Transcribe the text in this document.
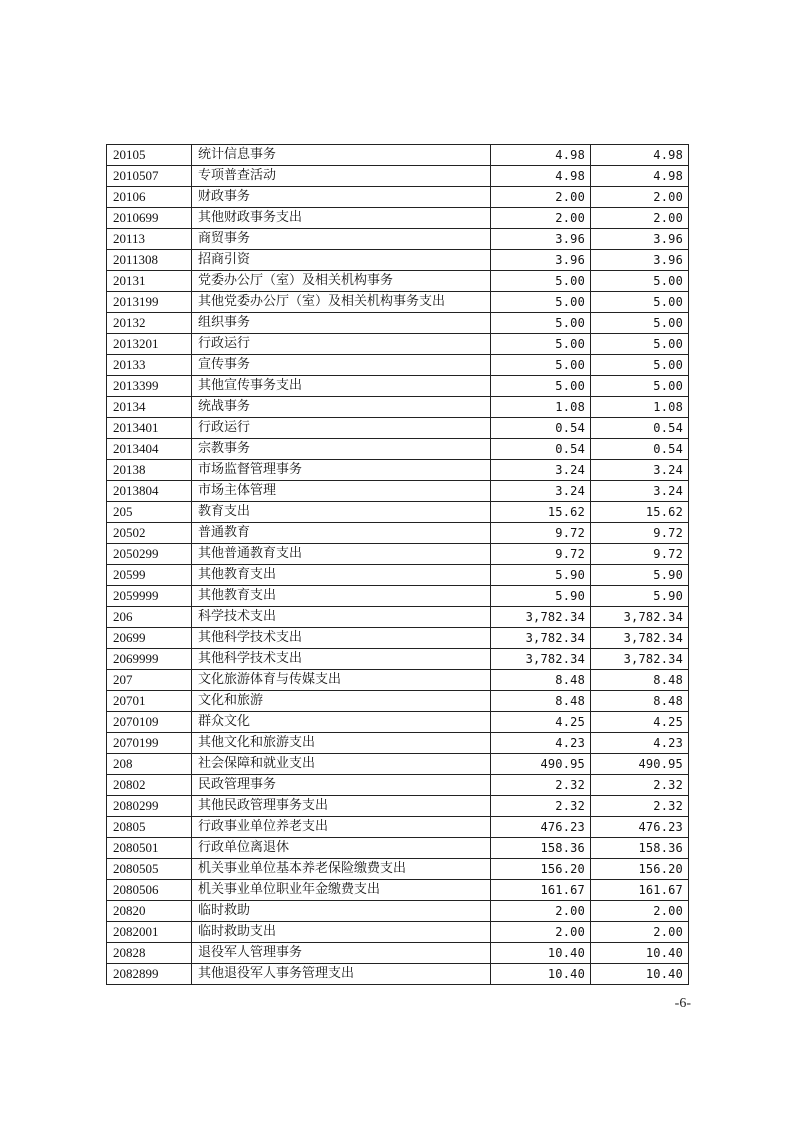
20105	统计信息事务	4.98	4.98
2010507	专项普查活动	4.98	4.98
20106	财政事务	2.00	2.00
2010699	其他财政事务支出	2.00	2.00
20113	商贸事务	3.96	3.96
2011308	招商引资	3.96	3.96
20131	党委办公厅（室）及相关机构事务	5.00	5.00
2013199	其他党委办公厅（室）及相关机构事务支出	5.00	5.00
20132	组织事务	5.00	5.00
2013201	行政运行	5.00	5.00
20133	宣传事务	5.00	5.00
2013399	其他宣传事务支出	5.00	5.00
20134	统战事务	1.08	1.08
2013401	行政运行	0.54	0.54
2013404	宗教事务	0.54	0.54
20138	市场监督管理事务	3.24	3.24
2013804	市场主体管理	3.24	3.24
205	教育支出	15.62	15.62
20502	普通教育	9.72	9.72
2050299	其他普通教育支出	9.72	9.72
20599	其他教育支出	5.90	5.90
2059999	其他教育支出	5.90	5.90
206	科学技术支出	3,782.34	3,782.34
20699	其他科学技术支出	3,782.34	3,782.34
2069999	其他科学技术支出	3,782.34	3,782.34
207	文化旅游体育与传媒支出	8.48	8.48
20701	文化和旅游	8.48	8.48
2070109	群众文化	4.25	4.25
2070199	其他文化和旅游支出	4.23	4.23
208	社会保障和就业支出	490.95	490.95
20802	民政管理事务	2.32	2.32
2080299	其他民政管理事务支出	2.32	2.32
20805	行政事业单位养老支出	476.23	476.23
2080501	行政单位离退休	158.36	158.36
2080505	机关事业单位基本养老保险缴费支出	156.20	156.20
2080506	机关事业单位职业年金缴费支出	161.67	161.67
20820	临时救助	2.00	2.00
2082001	临时救助支出	2.00	2.00
20828	退役军人管理事务	10.40	10.40
2082899	其他退役军人事务管理支出	10.40	10.40
-6-
